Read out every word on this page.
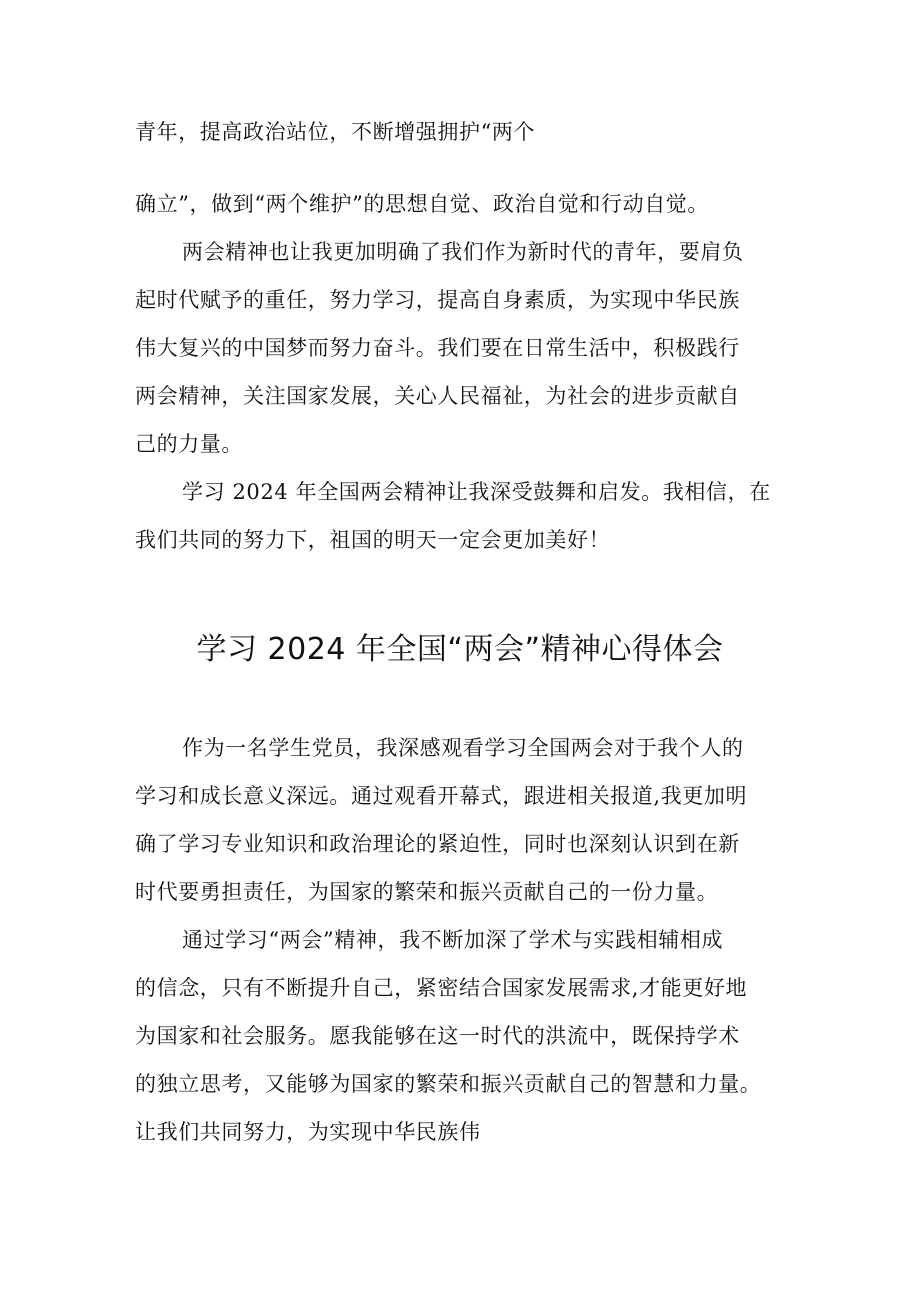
青年，提高政治站位，不断增强拥护“两个
确立”，做到“两个维护”的思想自觉、政治自觉和行动自觉。
两会精神也让我更加明确了我们作为新时代的青年，要肩负
起时代赋予的重任，努力学习，提高自身素质，为实现中华民族
伟大复兴的中国梦而努力奋斗。我们要在日常生活中，积极践行
两会精神，关注国家发展，关心人民福祉，为社会的进步贡献自
己的力量。
学习 2024 年全国两会精神让我深受鼓舞和启发。我相信，在
我们共同的努力下，祖国的明天一定会更加美好！
学习 2024 年全国“两会”精神心得体会
作为一名学生党员，我深感观看学习全国两会对于我个人的
学习和成长意义深远。通过观看开幕式，跟进相关报道,我更加明
确了学习专业知识和政治理论的紧迫性，同时也深刻认识到在新
时代要勇担责任，为国家的繁荣和振兴贡献自己的一份力量。
通过学习“两会”精神，我不断加深了学术与实践相辅相成
的信念，只有不断提升自己，紧密结合国家发展需求,才能更好地
为国家和社会服务。愿我能够在这一时代的洪流中，既保持学术
的独立思考，又能够为国家的繁荣和振兴贡献自己的智慧和力量。
让我们共同努力，为实现中华民族伟
